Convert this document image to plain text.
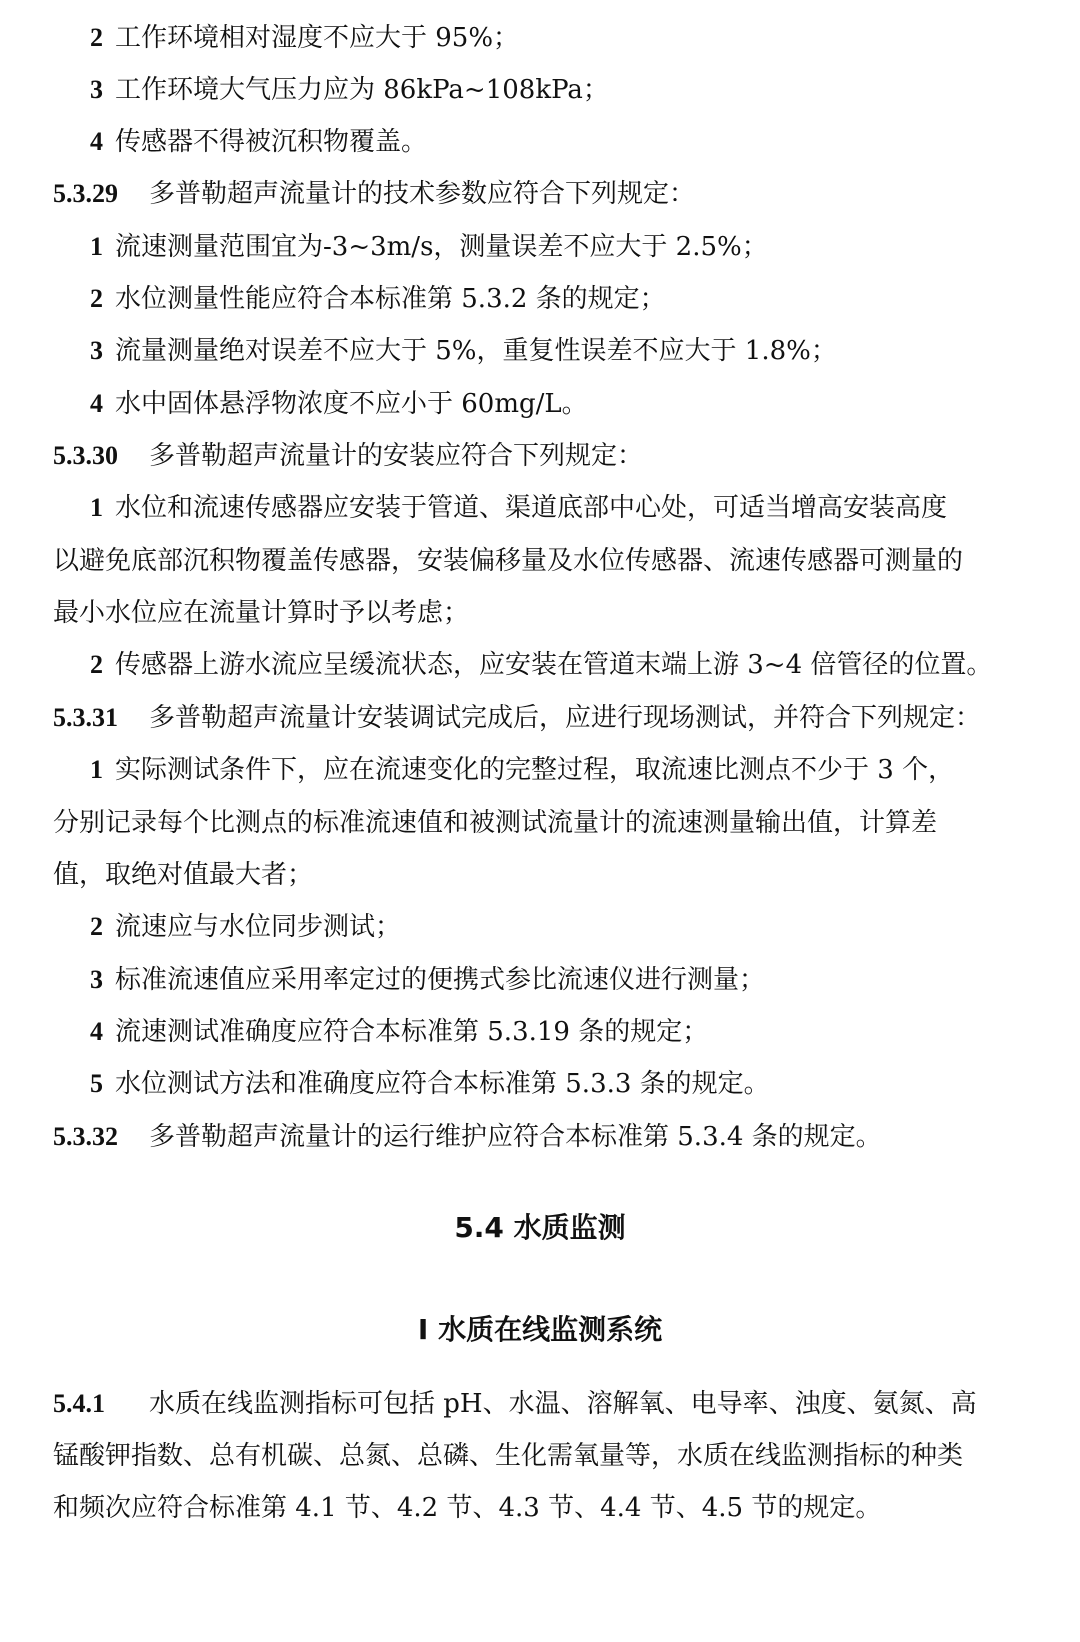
2 工作环境相对湿度不应大于 95%；
3 工作环境大气压力应为 86kPa~108kPa；
4 传感器不得被沉积物覆盖。
5.3.29 多普勒超声流量计的技术参数应符合下列规定：
1 流速测量范围宜为-3~3m/s，测量误差不应大于 2.5%；
2 水位测量性能应符合本标准第 5.3.2 条的规定；
3 流量测量绝对误差不应大于 5%，重复性误差不应大于 1.8%；
4 水中固体悬浮物浓度不应小于 60mg/L。
5.3.30 多普勒超声流量计的安装应符合下列规定：
1 水位和流速传感器应安装于管道、渠道底部中心处，可适当增高安装高度
以避免底部沉积物覆盖传感器，安装偏移量及水位传感器、流速传感器可测量的
最小水位应在流量计算时予以考虑；
2 传感器上游水流应呈缓流状态，应安装在管道末端上游 3~4 倍管径的位置。
5.3.31 多普勒超声流量计安装调试完成后，应进行现场测试，并符合下列规定：
1 实际测试条件下，应在流速变化的完整过程，取流速比测点不少于 3 个，
分别记录每个比测点的标准流速值和被测试流量计的流速测量输出值，计算差
值，取绝对值最大者；
2 流速应与水位同步测试；
3 标准流速值应采用率定过的便携式参比流速仪进行测量；
4 流速测试准确度应符合本标准第 5.3.19 条的规定；
5 水位测试方法和准确度应符合本标准第 5.3.3 条的规定。
5.3.32 多普勒超声流量计的运行维护应符合本标准第 5.3.4 条的规定。
5.4 水质监测
I 水质在线监测系统
5.4.1 水质在线监测指标可包括 pH、水温、溶解氧、电导率、浊度、氨氮、高
锰酸钾指数、总有机碳、总氮、总磷、生化需氧量等，水质在线监测指标的种类
和频次应符合标准第 4.1 节、4.2 节、4.3 节、4.4 节、4.5 节的规定。
